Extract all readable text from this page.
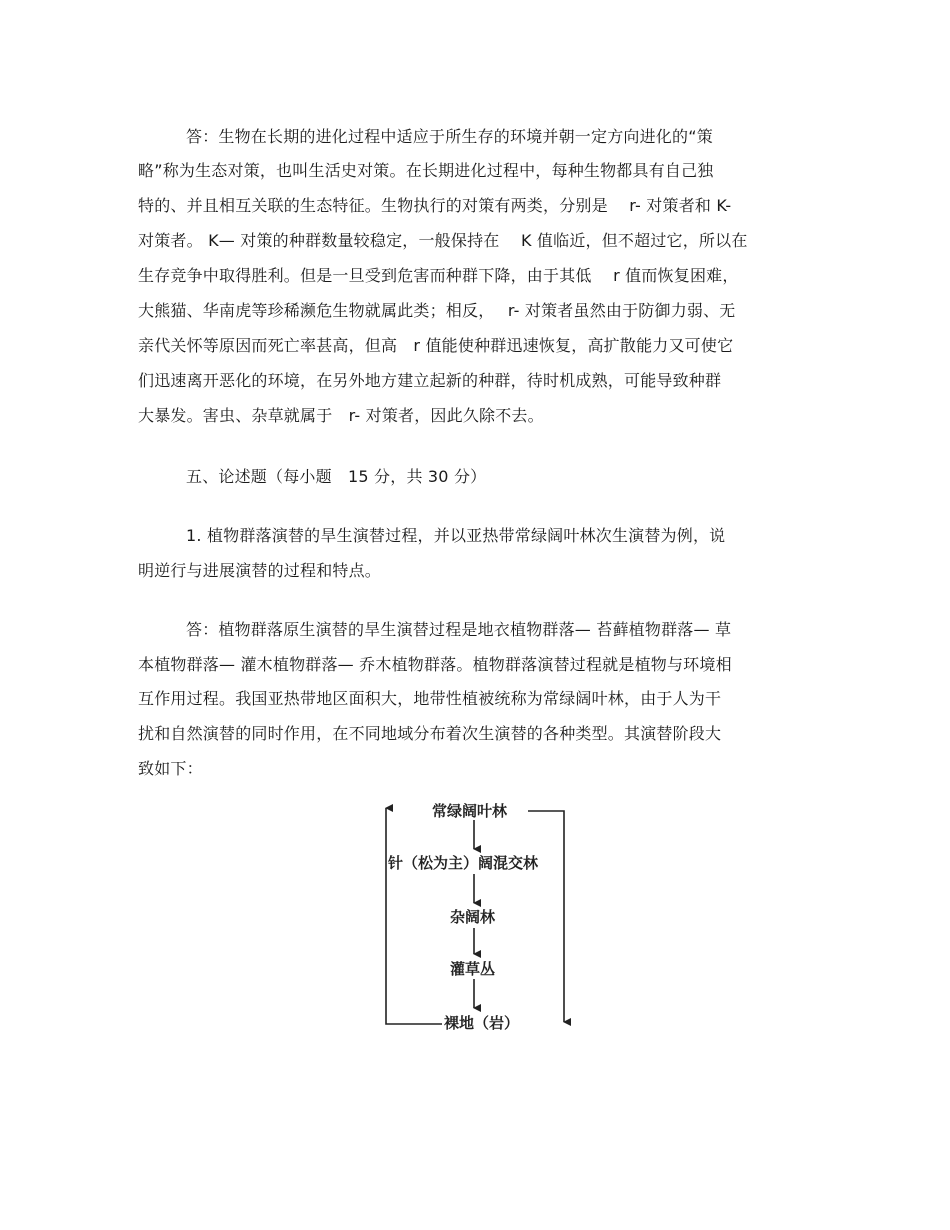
答：生物在长期的进化过程中适应于所生存的环境并朝一定方向进化的“策
略”称为生态对策，也叫生活史对策。在长期进化过程中，每种生物都具有自己独
特的、并且相互关联的生态特征。生物执行的对策有两类，分别是　 r- 对策者和 K-
对策者。 K— 对策的种群数量较稳定，一般保持在　 K 值临近，但不超过它，所以在
生存竞争中取得胜利。但是一旦受到危害而种群下降，由于其低　 r 值而恢复困难，
大熊猫、华南虎等珍稀濒危生物就属此类；相反，　 r- 对策者虽然由于防御力弱、无
亲代关怀等原因而死亡率甚高，但高　r 值能使种群迅速恢复，高扩散能力又可使它
们迅速离开恶化的环境，在另外地方建立起新的种群，待时机成熟，可能导致种群
大暴发。害虫、杂草就属于　r- 对策者，因此久除不去。
五、论述题（每小题　15 分，共 30 分）
1. 植物群落演替的旱生演替过程，并以亚热带常绿阔叶林次生演替为例，说
明逆行与进展演替的过程和特点。
答：植物群落原生演替的旱生演替过程是地衣植物群落— 苔藓植物群落— 草
本植物群落— 灌木植物群落— 乔木植物群落。植物群落演替过程就是植物与环境相
互作用过程。我国亚热带地区面积大，地带性植被统称为常绿阔叶林，由于人为干
扰和自然演替的同时作用，在不同地域分布着次生演替的各种类型。其演替阶段大
致如下：
常绿阔叶林
针（松为主）阔混交林
杂阔林
灌草丛
裸地（岩）
